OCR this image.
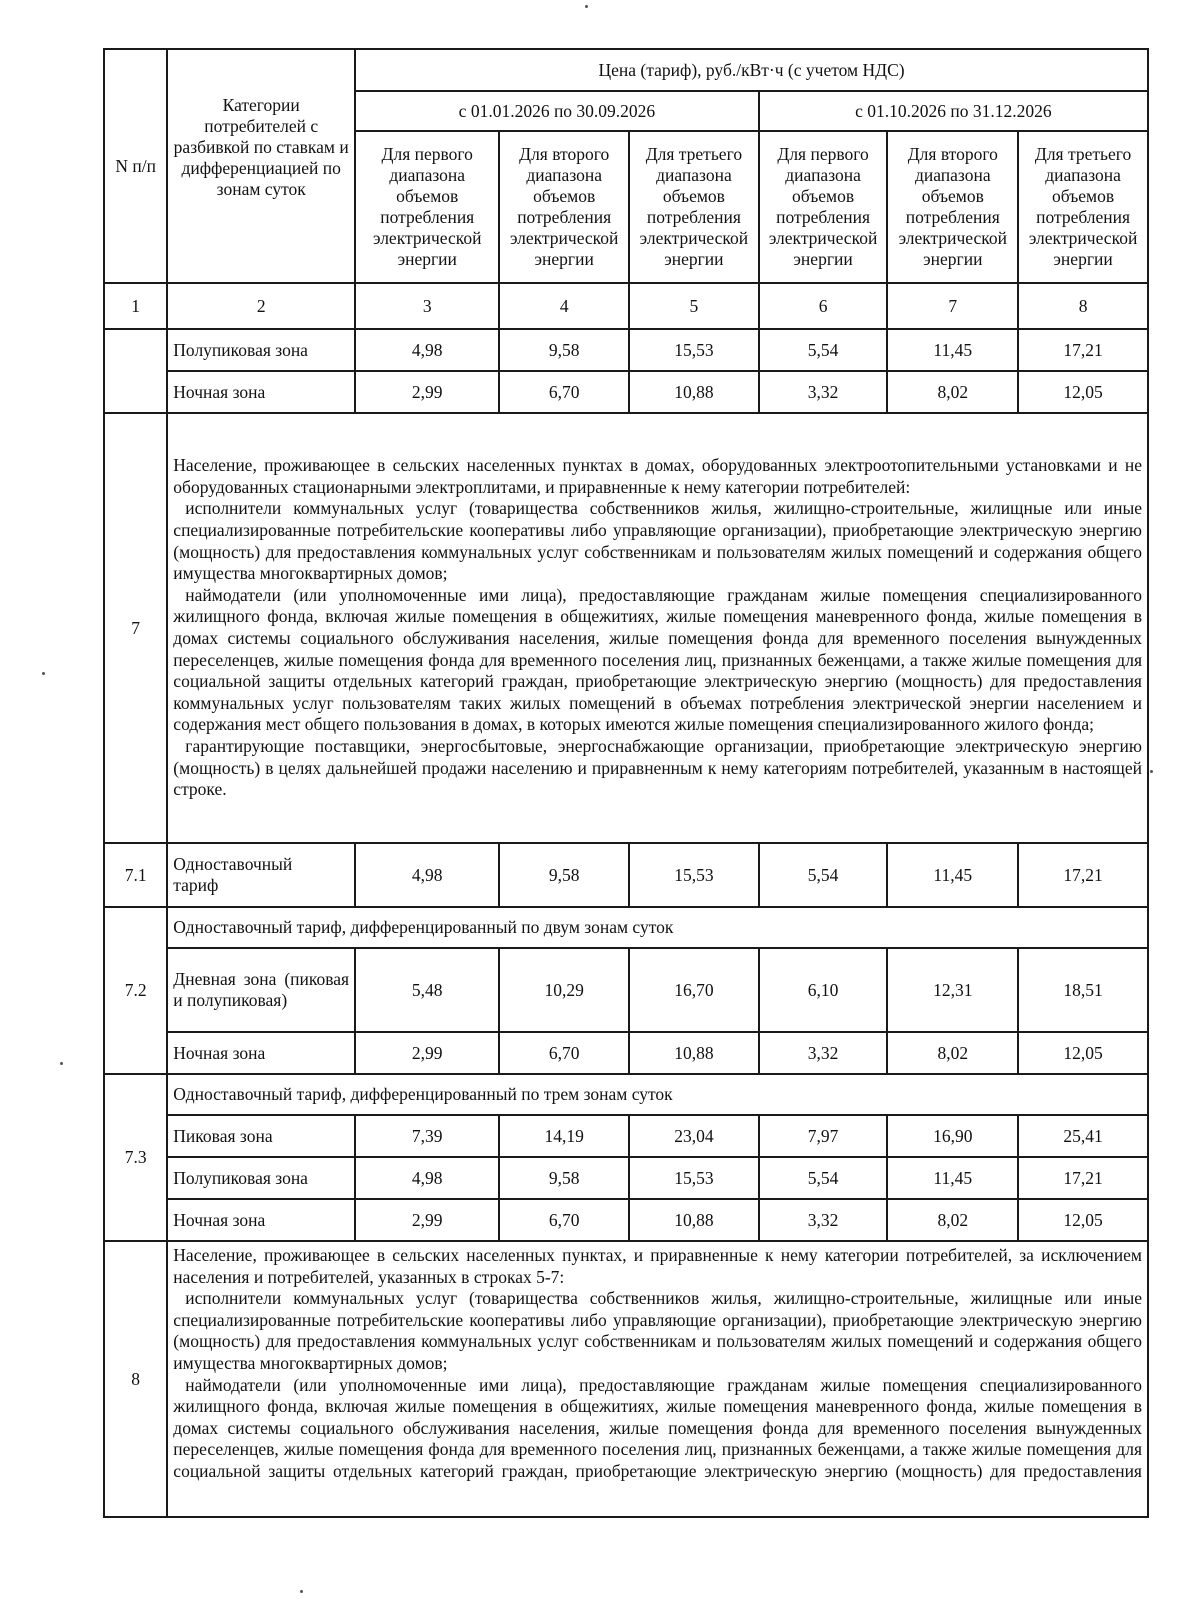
N п/п	Категории потребителей с разбивкой по ставкам и дифференциацией по зонам суток	Цена (тариф), руб./кВт·ч (с учетом НДС)					
		с 01.01.2026 по 30.09.2026			с 01.10.2026 по 31.12.2026		
		Для первого диапазона объемов потребления электрической энергии	Для второго диапазона объемов потребления электрической энергии	Для третьего диапазона объемов потребления электрической энергии	Для первого диапазона объемов потребления электрической энергии	Для второго диапазона объемов потребления электрической энергии	Для третьего диапазона объемов потребления электрической энергии
1	2	3	4	5	6	7	8
	Полупиковая зона	4,98	9,58	15,53	5,54	11,45	17,21
	Ночная зона	2,99	6,70	10,88	3,32	8,02	12,05
7	Население, проживающее в сельских населенных пунктах в домах, оборудованных электроотопительными установками и не оборудованных стационарными электроплитами, и приравненные к нему категории потребителей:

исполнители коммунальных услуг (товарищества собственников жилья, жилищно-строительные, жилищные или иные специализированные потребительские кооперативы либо управляющие организации), приобретающие электрическую энергию (мощность) для предоставления коммунальных услуг собственникам и пользователям жилых помещений и содержания общего имущества многоквартирных домов;

наймодатели (или уполномоченные ими лица), предоставляющие гражданам жилые помещения специализированного жилищного фонда, включая жилые помещения в общежитиях, жилые помещения маневренного фонда, жилые помещения в домах системы социального обслуживания населения, жилые помещения фонда для временного поселения вынужденных переселенцев, жилые помещения фонда для временного поселения лиц, признанных беженцами, а также жилые помещения для социальной защиты отдельных категорий граждан, приобретающие электрическую энергию (мощность) для предоставления коммунальных услуг пользователям таких жилых помещений в объемах потребления электрической энергии населением и содержания мест общего пользования в домах, в которых имеются жилые помещения специализированного жилого фонда;

гарантирующие поставщики, энергосбытовые, энергоснабжающие организации, приобретающие электрическую энергию (мощность) в целях дальнейшей продажи населению и приравненным к нему категориям потребителей, указанным в настоящей строке.						

7.1	Одноставочный тариф	4,98	9,58	15,53	5,54	11,45	17,21
7.2	Одноставочный тариф, дифференцированный по двум зонам суток						
	Дневная зона (пиковая и полупиковая)	5,48	10,29	16,70	6,10	12,31	18,51
	Ночная зона	2,99	6,70	10,88	3,32	8,02	12,05
7.3	Одноставочный тариф, дифференцированный по трем зонам суток						
	Пиковая зона	7,39	14,19	23,04	7,97	16,90	25,41
	Полупиковая зона	4,98	9,58	15,53	5,54	11,45	17,21
	Ночная зона	2,99	6,70	10,88	3,32	8,02	12,05
8	Население, проживающее в сельских населенных пунктах, и приравненные к нему категории потребителей, за исключением населения и потребителей, указанных в строках 5-7:

исполнители коммунальных услуг (товарищества собственников жилья, жилищно-строительные, жилищные или иные специализированные потребительские кооперативы либо управляющие организации), приобретающие электрическую энергию (мощность) для предоставления коммунальных услуг собственникам и пользователям жилых помещений и содержания общего имущества многоквартирных домов;

наймодатели (или уполномоченные ими лица), предоставляющие гражданам жилые помещения специализированного жилищного фонда, включая жилые помещения в общежитиях, жилые помещения маневренного фонда, жилые помещения в домах системы социального обслуживания населения, жилые помещения фонда для временного поселения вынужденных переселенцев, жилые помещения фонда для временного поселения лиц, признанных беженцами, а также жилые помещения для социальной защиты отдельных категорий граждан, приобретающие электрическую энергию (мощность) для предоставления						
